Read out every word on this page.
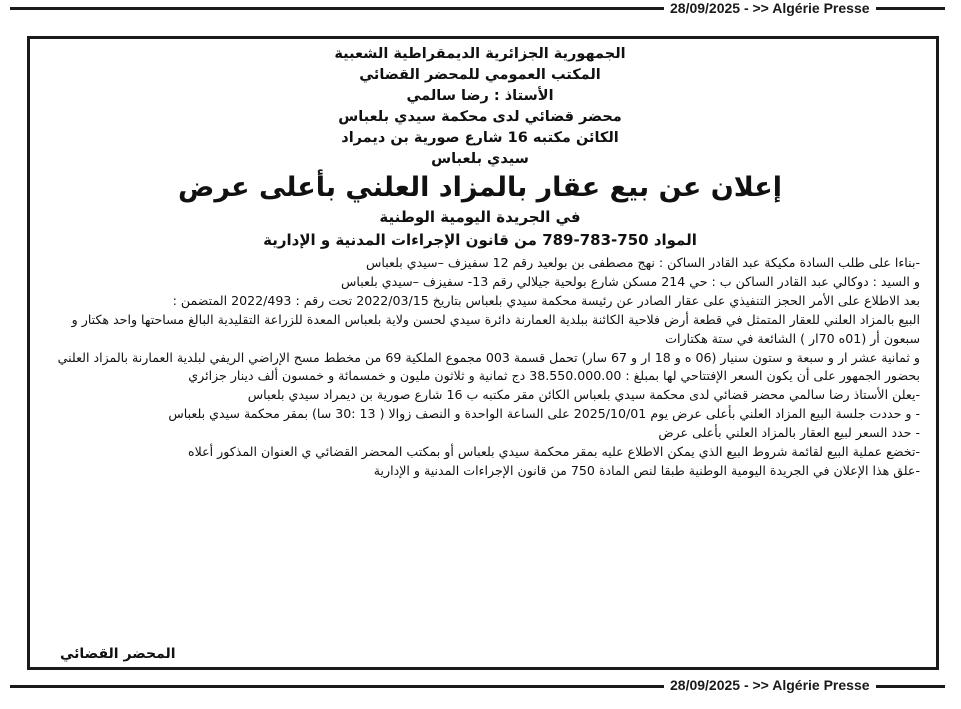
28/09/2025 - >> Algérie Presse

الجمهورية الجزائرية الديمقراطية الشعبية

المكتب العمومي للمحضر القضائي

الأستاذ : رضا سالمي

محضر قضائي لدى محكمة سيدي بلعباس

الكائن مكتبه 16 شارع صورية بن ديمراد

سيدي بلعباس

إعلان عن بيع عقار بالمزاد العلني بأعلى عرض

في الجريدة اليومية الوطنية

المواد 750-783-789 من قانون الإجراءات المدنية و الإدارية

-بناءا على طلب السادة مكيكة عبد القادر الساكن : نهج مصطفى بن بولعيد رقم 12 سفيزف –سيدي بلعباس

و السيد : دوكالي عبد القادر الساكن ب : حي 214 مسكن شارع بولحية جيلالي رقم 13- سفيزف –سيدي بلعباس

بعد الاطلاع على الأمر الحجز التنفيذي على عقار الصادر عن رئيسة محكمة سيدي بلعباس بتاريخ 2022/03/15 تحت رقم : 2022/493 المتضمن :

البيع بالمزاد العلني للعقار المتمثل في قطعة أرض فلاحية الكائنة ببلدية العمارنة دائرة سيدي لحسن ولاية بلعباس المعدة للزراعة التقليدية البالغ مساحتها واحد هكتار و سبعون أر (01ه 70ار ) الشائعة في ستة هكتارات

و ثمانية عشر ار و سبعة و ستون سنيار (06 ه و 18 ار و 67 سار) تحمل قسمة 003 مجموع الملكية 69 من مخطط مسح الإراضي الريفي لبلدية العمارنة بالمزاد العلني بحضور الجمهور على أن يكون السعر الإفتتاحي لها بمبلغ : 38.550.000.00 دج ثمانية و ثلاثون مليون و خمسمائة و خمسون ألف دينار جزائري

-يعلن الأستاذ رضا سالمي محضر قضائي لدى محكمة سيدي بلعباس الكائن مقر مكتبه ب 16 شارع صورية بن ديمراد سيدي بلعباس

- و حددت جلسة البيع المزاد العلني بأعلى عرض يوم 2025/10/01 على الساعة الواحدة و النصف زوالا ( 13 :30 سا) بمقر محكمة سيدي بلعباس

- حدد السعر لبيع العقار بالمزاد العلني بأعلى عرض

-تخضع عملية البيع لقائمة شروط البيع الذي يمكن الاطلاع عليه بمقر محكمة سيدي بلعباس أو بمكتب المحضر القضائي ي العنوان المذكور أعلاه

-علق هذا الإعلان في الجريدة اليومية الوطنية طبقا لنص المادة 750 من قانون الإجراءات المدنية و الإدارية

المحضر القضائي
28/09/2025 - >> Algérie Presse
